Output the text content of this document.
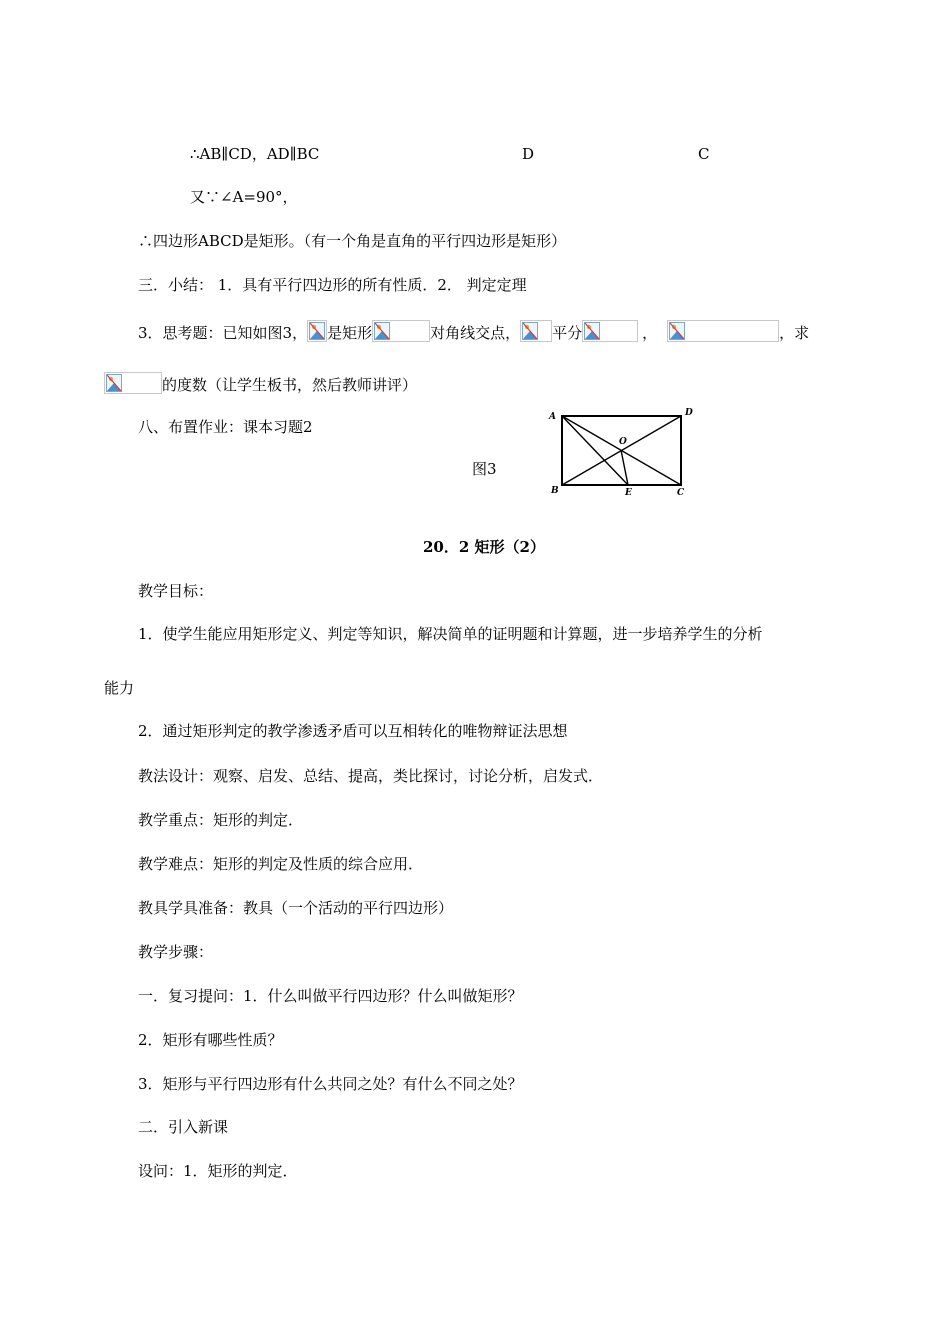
∴AB∥CD，AD∥BC	D	C
又∵∠A=90°，
∴四边形ABCD是矩形。（有一个角是直角的平行四边形是矩形）
三．小结： 1．具有平行四边形的所有性质．2． 判定定理
3．思考题：已知如图3， 是矩形	对角线交点， 平分	，	，求
的度数（让学生板书，然后教师讲评）
八、布置作业：课本习题2
A	D
B	C
O
E
图3
20．2 矩形（2）
教学目标：
1．使学生能应用矩形定义、判定等知识，解决简单的证明题和计算题，进一步培养学生的分析
能力
2．通过矩形判定的教学渗透矛盾可以互相转化的唯物辩证法思想
教法设计：观察、启发、总结、提高，类比探讨，讨论分析，启发式．
教学重点：矩形的判定．
教学难点：矩形的判定及性质的综合应用．
教具学具准备：教具（一个活动的平行四边形）
教学步骤：
一．复习提问：1．什么叫做平行四边形？什么叫做矩形？
2．矩形有哪些性质？
3．矩形与平行四边形有什么共同之处？有什么不同之处？
二．引入新课
设问：1．矩形的判定．
